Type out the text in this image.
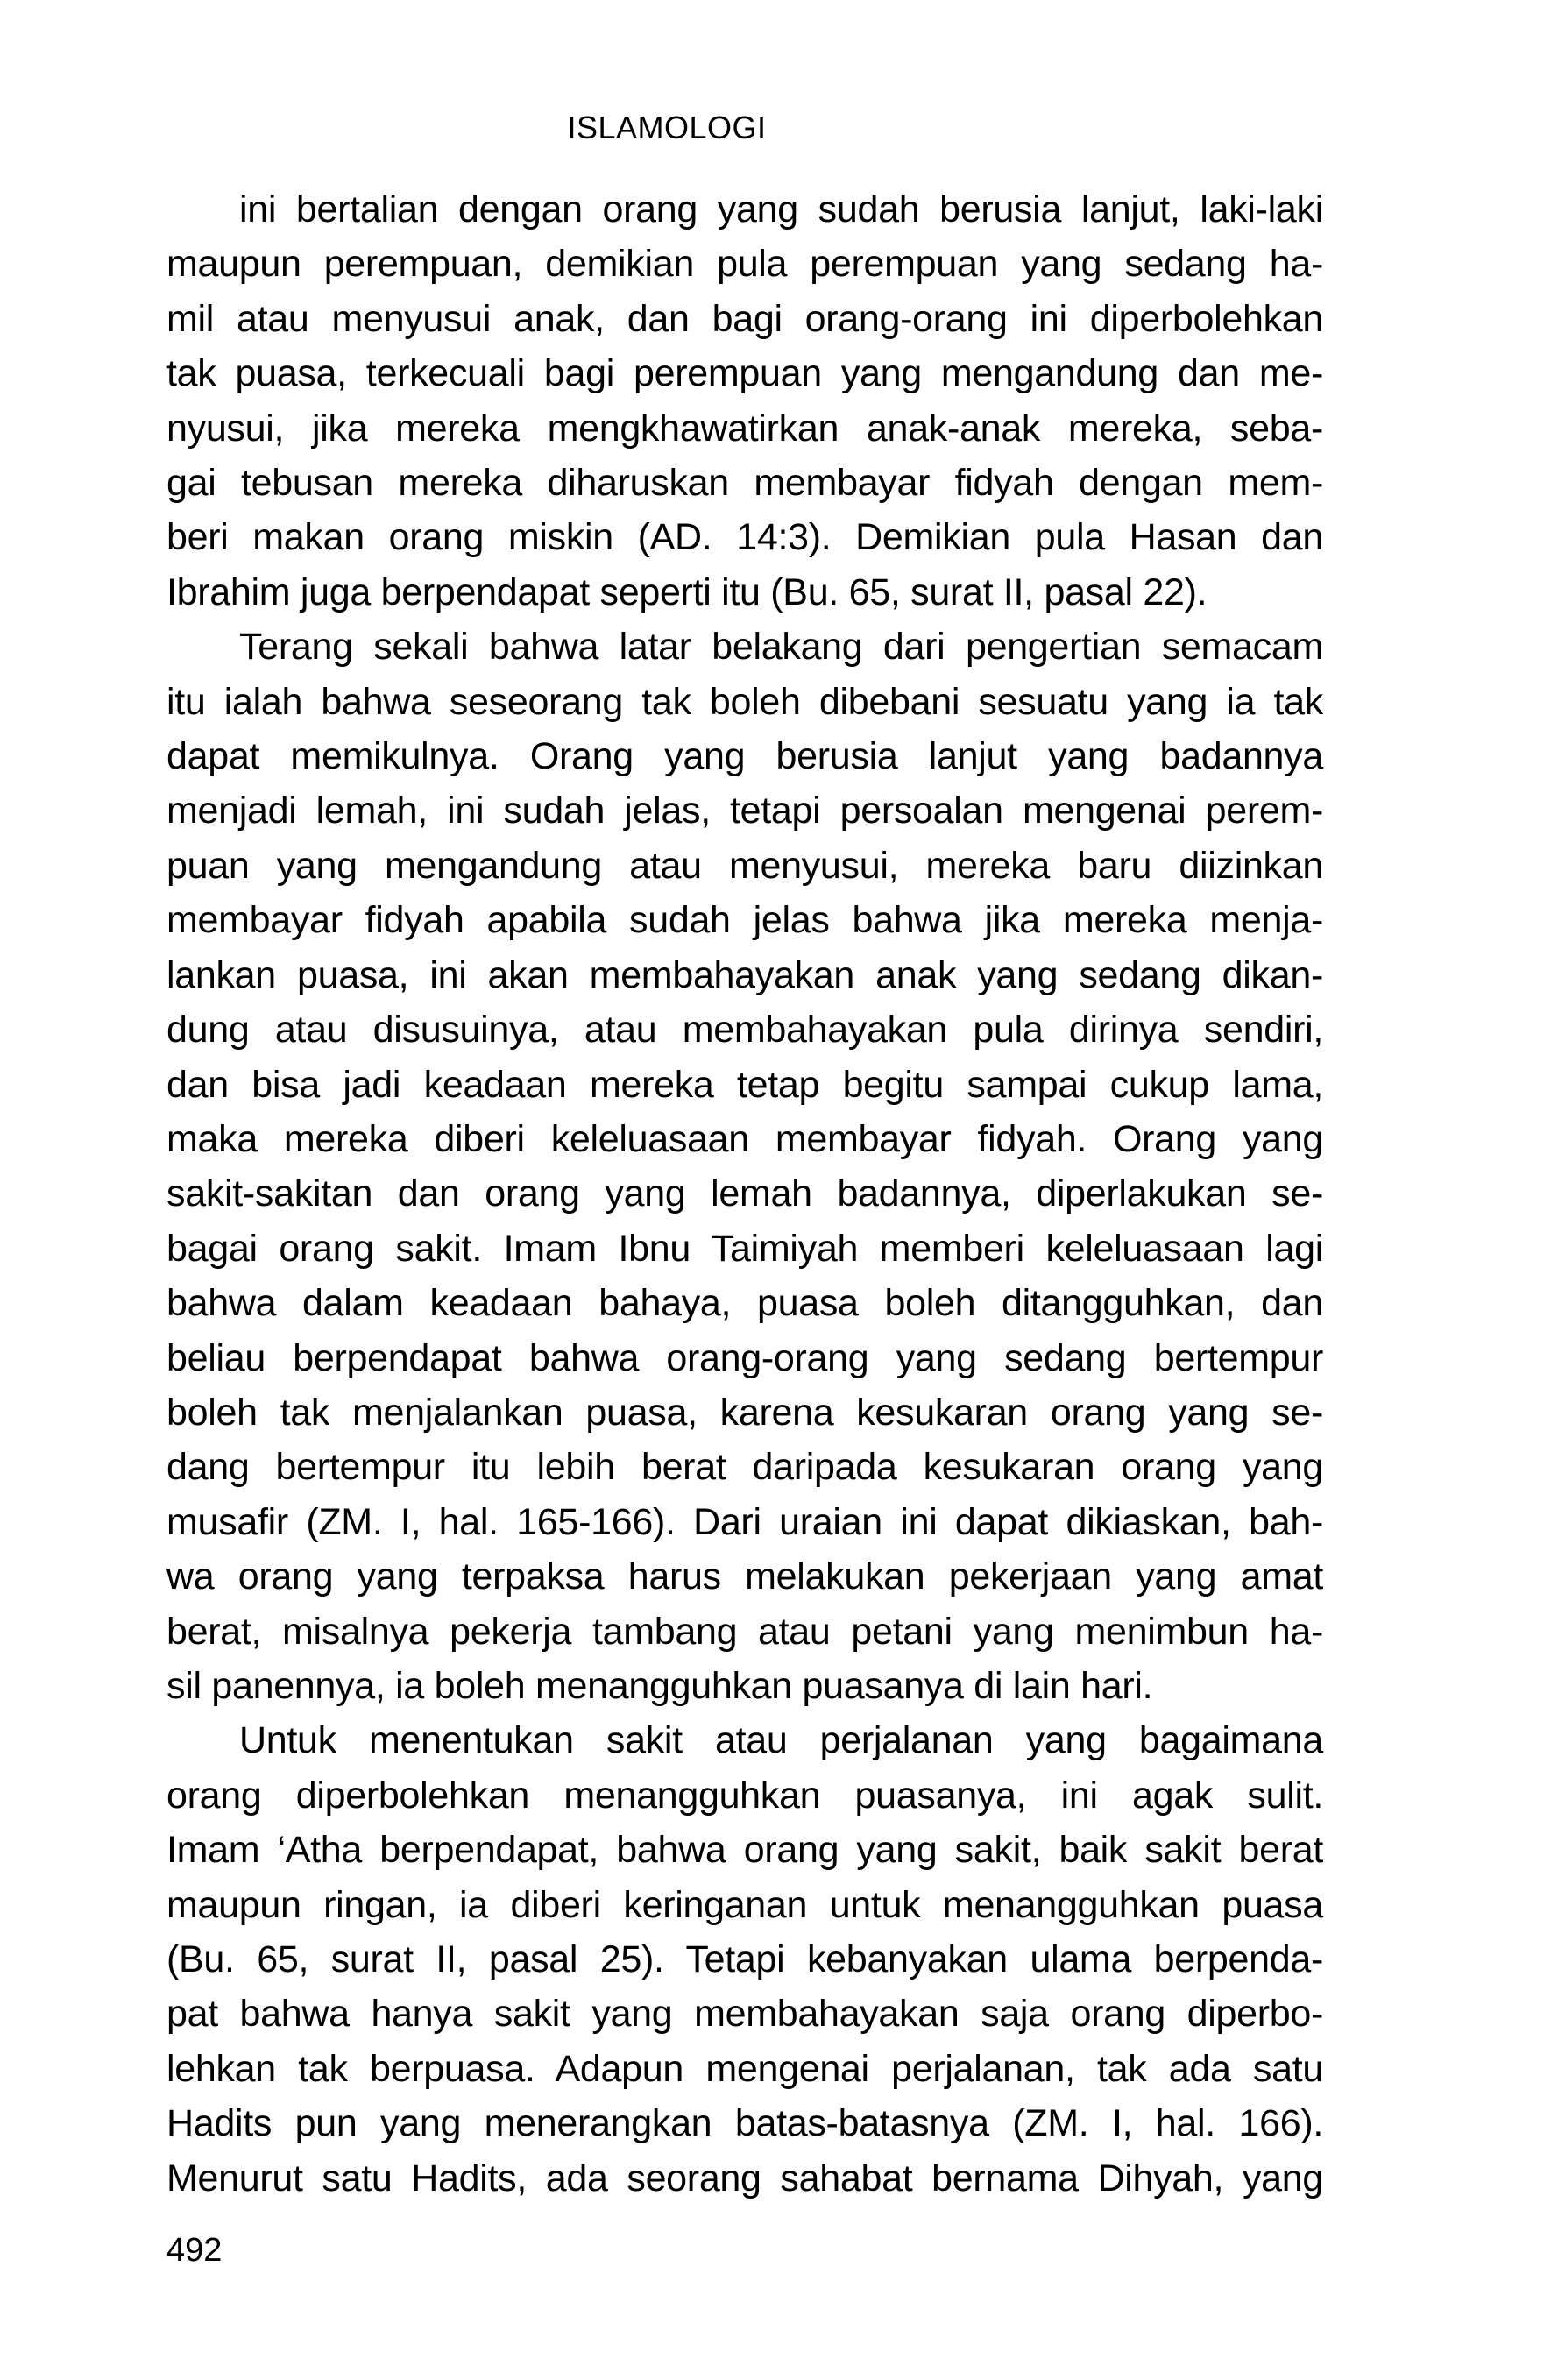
ISLAMOLOGI
ini bertalian dengan orang yang sudah berusia lanjut, laki-laki
maupun perempuan, demikian pula perempuan yang sedang ha-
mil atau menyusui anak, dan bagi orang-orang ini diperbolehkan
tak puasa, terkecuali bagi perempuan yang mengandung dan me-
nyusui, jika mereka mengkhawatirkan anak-anak mereka, seba-
gai tebusan mereka diharuskan membayar fidyah dengan mem-
beri makan orang miskin (AD. 14:3). Demikian pula Hasan dan
Ibrahim juga berpendapat seperti itu (Bu. 65, surat II, pasal 22).
Terang sekali bahwa latar belakang dari pengertian semacam
itu ialah bahwa seseorang tak boleh dibebani sesuatu yang ia tak
dapat memikulnya. Orang yang berusia lanjut yang badannya
menjadi lemah, ini sudah jelas, tetapi persoalan mengenai perem-
puan yang mengandung atau menyusui, mereka baru diizinkan
membayar fidyah apabila sudah jelas bahwa jika mereka menja-
lankan puasa, ini akan membahayakan anak yang sedang dikan-
dung atau disusuinya, atau membahayakan pula dirinya sendiri,
dan bisa jadi keadaan mereka tetap begitu sampai cukup lama,
maka mereka diberi keleluasaan membayar fidyah. Orang yang
sakit-sakitan dan orang yang lemah badannya, diperlakukan se-
bagai orang sakit. Imam Ibnu Taimiyah memberi keleluasaan lagi
bahwa dalam keadaan bahaya, puasa boleh ditangguhkan, dan
beliau berpendapat bahwa orang-orang yang sedang bertempur
boleh tak menjalankan puasa, karena kesukaran orang yang se-
dang bertempur itu lebih berat daripada kesukaran orang yang
musafir (ZM. I, hal. 165-166). Dari uraian ini dapat dikiaskan, bah-
wa orang yang terpaksa harus melakukan pekerjaan yang amat
berat, misalnya pekerja tambang atau petani yang menimbun ha-
sil panennya, ia boleh menangguhkan puasanya di lain hari.
Untuk menentukan sakit atau perjalanan yang bagaimana
orang diperbolehkan menangguhkan puasanya, ini agak sulit.
Imam ‘Atha berpendapat, bahwa orang yang sakit, baik sakit berat
maupun ringan, ia diberi keringanan untuk menangguhkan puasa
(Bu. 65, surat II, pasal 25). Tetapi kebanyakan ulama berpenda-
pat bahwa hanya sakit yang membahayakan saja orang diperbo-
lehkan tak berpuasa. Adapun mengenai perjalanan, tak ada satu
Hadits pun yang menerangkan batas-batasnya (ZM. I, hal. 166).
Menurut satu Hadits, ada seorang sahabat bernama Dihyah, yang
492
